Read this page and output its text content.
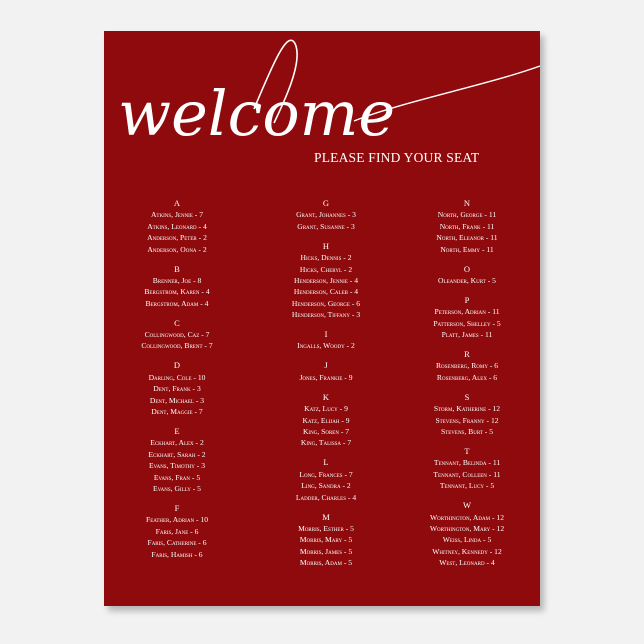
welcome
PLEASE FIND YOUR SEAT
A
Atkins, Jennie - 7
Atkins, Leonard - 4
Anderson, Peter - 2
Anderson, Oona - 2
B
Brenner, Joe - 8
Bergstrom, Karen - 4
Bergstrom, Adam - 4
C
Collingwood, Caz - 7
Collingwood, Brent - 7
D
Darling, Cole - 10
Dent, Frank - 3
Dent, Michael - 3
Dent, Maggie - 7
E
Eckhart, Alex - 2
Eckhart, Sarah - 2
Evans, Timothy - 3
Evans, Fran - 5
Evans, Gilly - 5
F
Feather, Adrian - 10
Faris, Jane - 6
Faris, Catherine - 6
Faris, Hamish - 6
G
Grant, Johannes - 3
Grant, Susanne - 3
H
Hicks, Dennis - 2
Hicks, Cheryl - 2
Henderson, Jennie - 4
Henderson, Caleb - 4
Henderson, George - 6
Henderson, Tiffany - 3
I
Ingalls, Woody - 2
J
Jones, Frankie - 9
K
Katz, Lucy - 9
Katz, Elijah - 9
King, Soren - 7
King, Talissa - 7
L
Long, Frances - 7
Ling, Sandra - 2
Ladder, Charles - 4
M
Morris, Esther - 5
Morris, Mary - 5
Morris, James - 5
Morris, Adam - 5
N
North, George - 11
North, Frank - 11
North, Eleanor - 11
North, Emmy - 11
O
Oleander, Kurt - 5
P
Peterson, Adrian - 11
Patterson, Shelley - 5
Platt, James - 11
R
Rosenberg, Romy - 6
Rosenberg, Alex - 6
S
Storm, Katherine - 12
Stevens, Franny - 12
Stevens, Burt - 5
T
Tennant, Belinda - 11
Tennant, Colleen - 11
Tennant, Lucy - 5
W
Worthington, Adam - 12
Worthington, Mary - 12
Weiss, Linda - 5
Whitney, Kennedy - 12
West, Leonard - 4
